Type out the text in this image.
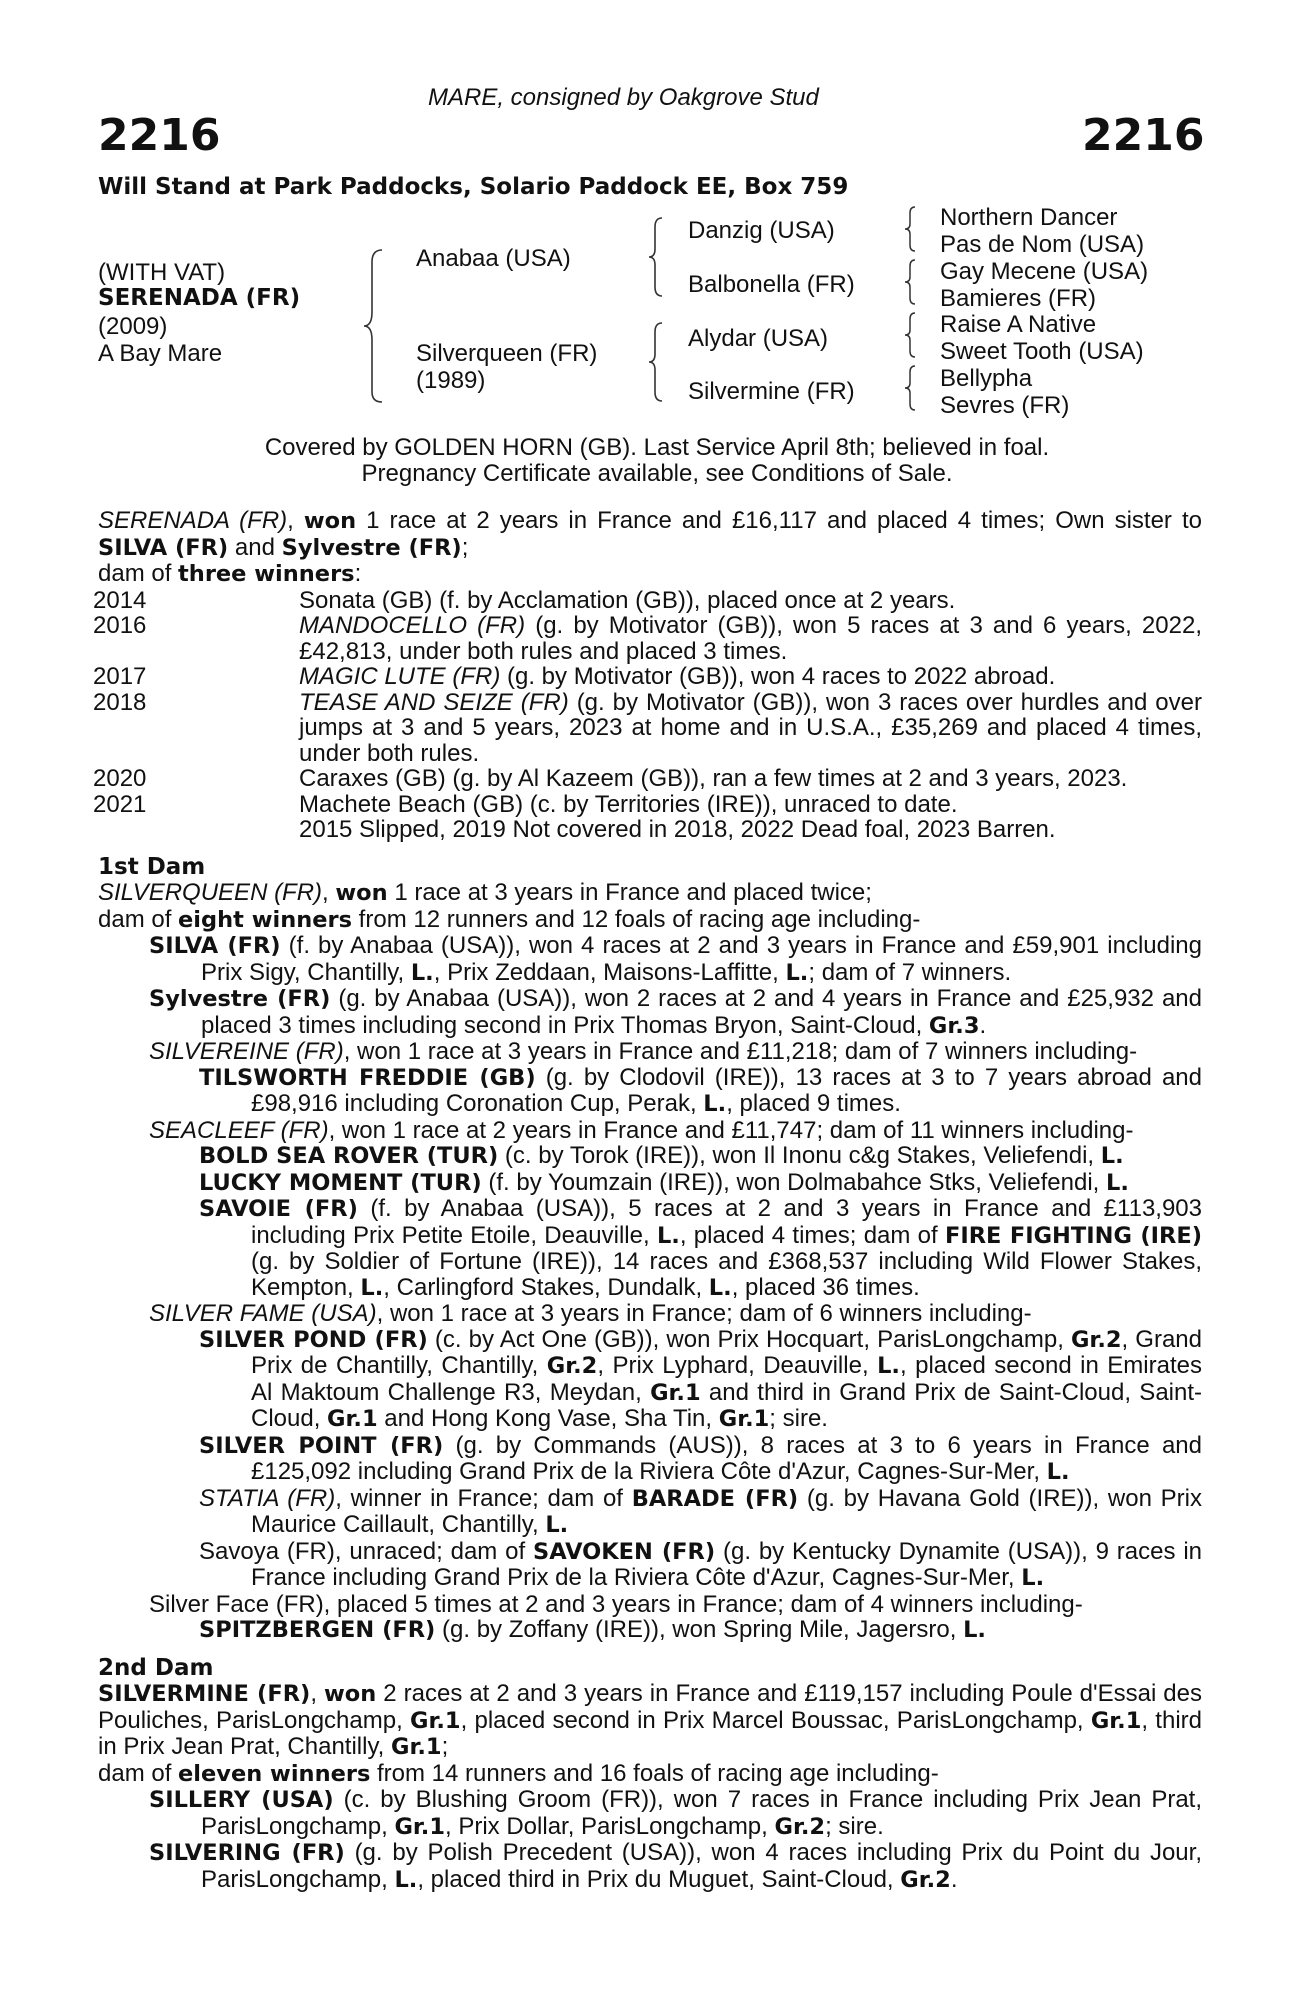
MARE, consigned by Oakgrove Stud
2216	2216
Will Stand at Park Paddocks, Solario Paddock EE, Box 759
(WITH VAT)
SERENADA (FR)
(2009)
A Bay Mare
Anabaa (USA)
Silverqueen (FR)
(1989)
Danzig (USA)
Balbonella (FR)
Alydar (USA)
Silvermine (FR)
Northern Dancer
Pas de Nom (USA)
Gay Mecene (USA)
Bamieres (FR)
Raise A Native
Sweet Tooth (USA)
Bellypha
Sevres (FR)
Covered by GOLDEN HORN (GB). Last Service April 8th; believed in foal.
Pregnancy Certificate available, see Conditions of Sale.

SERENADA (FR), won 1 race at 2 years in France and £16,117 and placed 4 times; Own sister to SILVA (FR) and Sylvestre (FR);

dam of three winners:

2014	Sonata (GB) (f. by Acclamation (GB)), placed once at 2 years.

2016	MANDOCELLO (FR) (g. by Motivator (GB)), won 5 races at 3 and 6 years, 2022, £42,813, under both rules and placed 3 times.

2017	MAGIC LUTE (FR) (g. by Motivator (GB)), won 4 races to 2022 abroad.

2018	TEASE AND SEIZE (FR) (g. by Motivator (GB)), won 3 races over hurdles and over jumps at 3 and 5 years, 2023 at home and in U.S.A., £35,269 and placed 4 times, under both rules.

2020	Caraxes (GB) (g. by Al Kazeem (GB)), ran a few times at 2 and 3 years, 2023.

2021	Machete Beach (GB) (c. by Territories (IRE)), unraced to date.

2015 Slipped, 2019 Not covered in 2018, 2022 Dead foal, 2023 Barren.

1st Dam

SILVERQUEEN (FR), won 1 race at 3 years in France and placed twice;

dam of eight winners from 12 runners and 12 foals of racing age including-

SILVA (FR) (f. by Anabaa (USA)), won 4 races at 2 and 3 years in France and £59,901 including Prix Sigy, Chantilly, L., Prix Zeddaan, Maisons-Laffitte, L.; dam of 7 winners.

Sylvestre (FR) (g. by Anabaa (USA)), won 2 races at 2 and 4 years in France and £25,932 and placed 3 times including second in Prix Thomas Bryon, Saint-Cloud, Gr.3.

SILVEREINE (FR), won 1 race at 3 years in France and £11,218; dam of 7 winners including-

TILSWORTH FREDDIE (GB) (g. by Clodovil (IRE)), 13 races at 3 to 7 years abroad and £98,916 including Coronation Cup, Perak, L., placed 9 times.

SEACLEEF (FR), won 1 race at 2 years in France and £11,747; dam of 11 winners including-

BOLD SEA ROVER (TUR) (c. by Torok (IRE)), won Il Inonu c&g Stakes, Veliefendi, L.

LUCKY MOMENT (TUR) (f. by Youmzain (IRE)), won Dolmabahce Stks, Veliefendi, L.

SAVOIE (FR) (f. by Anabaa (USA)), 5 races at 2 and 3 years in France and £113,903 including Prix Petite Etoile, Deauville, L., placed 4 times; dam of FIRE FIGHTING (IRE) (g. by Soldier of Fortune (IRE)), 14 races and £368,537 including Wild Flower Stakes, Kempton, L., Carlingford Stakes, Dundalk, L., placed 36 times.

SILVER FAME (USA), won 1 race at 3 years in France; dam of 6 winners including-

SILVER POND (FR) (c. by Act One (GB)), won Prix Hocquart, ParisLongchamp, Gr.2, Grand Prix de Chantilly, Chantilly, Gr.2, Prix Lyphard, Deauville, L., placed second in Emirates Al Maktoum Challenge R3, Meydan, Gr.1 and third in Grand Prix de Saint-Cloud, Saint-Cloud, Gr.1 and Hong Kong Vase, Sha Tin, Gr.1; sire.

SILVER POINT (FR) (g. by Commands (AUS)), 8 races at 3 to 6 years in France and £125,092 including Grand Prix de la Riviera Côte d'Azur, Cagnes-Sur-Mer, L.

STATIA (FR), winner in France; dam of BARADE (FR) (g. by Havana Gold (IRE)), won Prix Maurice Caillault, Chantilly, L.

Savoya (FR), unraced; dam of SAVOKEN (FR) (g. by Kentucky Dynamite (USA)), 9 races in France including Grand Prix de la Riviera Côte d'Azur, Cagnes-Sur-Mer, L.

Silver Face (FR), placed 5 times at 2 and 3 years in France; dam of 4 winners including-

SPITZBERGEN (FR) (g. by Zoffany (IRE)), won Spring Mile, Jagersro, L.

2nd Dam

SILVERMINE (FR), won 2 races at 2 and 3 years in France and £119,157 including Poule d'Essai des Pouliches, ParisLongchamp, Gr.1, placed second in Prix Marcel Boussac, ParisLongchamp, Gr.1, third in Prix Jean Prat, Chantilly, Gr.1;

dam of eleven winners from 14 runners and 16 foals of racing age including-

SILLERY (USA) (c. by Blushing Groom (FR)), won 7 races in France including Prix Jean Prat, ParisLongchamp, Gr.1, Prix Dollar, ParisLongchamp, Gr.2; sire.

SILVERING (FR) (g. by Polish Precedent (USA)), won 4 races including Prix du Point du Jour, ParisLongchamp, L., placed third in Prix du Muguet, Saint-Cloud, Gr.2.
